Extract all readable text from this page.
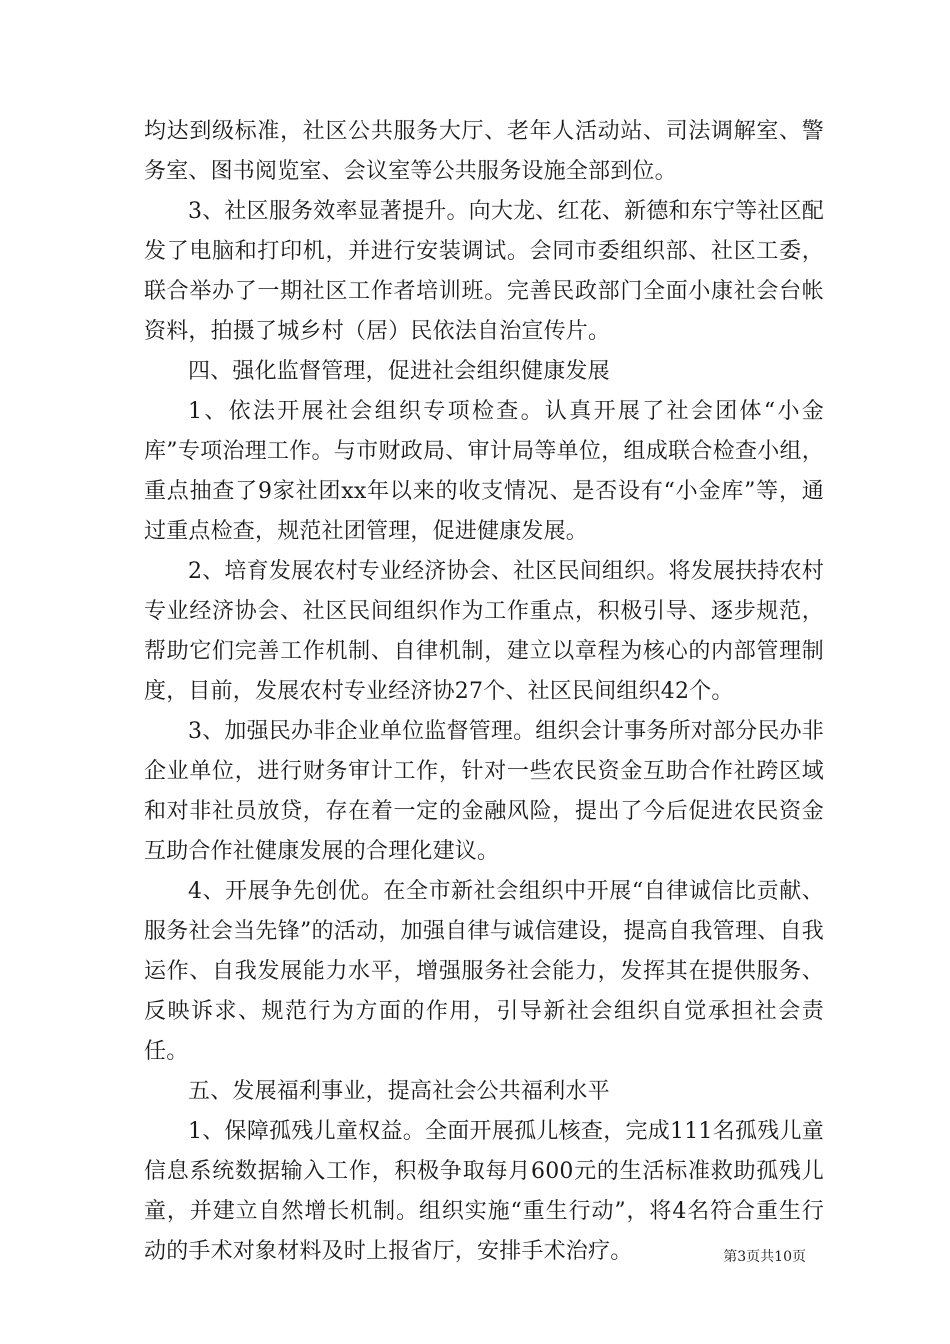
均达到级标准，社区公共服务大厅、老年人活动站、司法调解室、警务室、图书阅览室、会议室等公共服务设施全部到位。

3、社区服务效率显著提升。向大龙、红花、新德和东宁等社区配发了电脑和打印机，并进行安装调试。会同市委组织部、社区工委，联合举办了一期社区工作者培训班。完善民政部门全面小康社会台帐资料，拍摄了城乡村（居）民依法自治宣传片。

四、强化监督管理，促进社会组织健康发展

1、依法开展社会组织专项检查。认真开展了社会团体“小金库”专项治理工作。与市财政局、审计局等单位，组成联合检查小组，重点抽查了9家社团xx年以来的收支情况、是否设有“小金库”等，通过重点检查，规范社团管理，促进健康发展。

2、培育发展农村专业经济协会、社区民间组织。将发展扶持农村专业经济协会、社区民间组织作为工作重点，积极引导、逐步规范，帮助它们完善工作机制、自律机制，建立以章程为核心的内部管理制度，目前，发展农村专业经济协27个、社区民间组织42个。

3、加强民办非企业单位监督管理。组织会计事务所对部分民办非企业单位，进行财务审计工作，针对一些农民资金互助合作社跨区域和对非社员放贷，存在着一定的金融风险，提出了今后促进农民资金互助合作社健康发展的合理化建议。

4、开展争先创优。在全市新社会组织中开展“自律诚信比贡献、服务社会当先锋”的活动，加强自律与诚信建设，提高自我管理、自我运作、自我发展能力水平，增强服务社会能力，发挥其在提供服务、反映诉求、规范行为方面的作用，引导新社会组织自觉承担社会责任。

五、发展福利事业，提高社会公共福利水平

1、保障孤残儿童权益。全面开展孤儿核查，完成111名孤残儿童信息系统数据输入工作，积极争取每月600元的生活标准救助孤残儿童，并建立自然增长机制。组织实施“重生行动”，将4名符合重生行动的手术对象材料及时上报省厅，安排手术治疗。	第3页共10页
